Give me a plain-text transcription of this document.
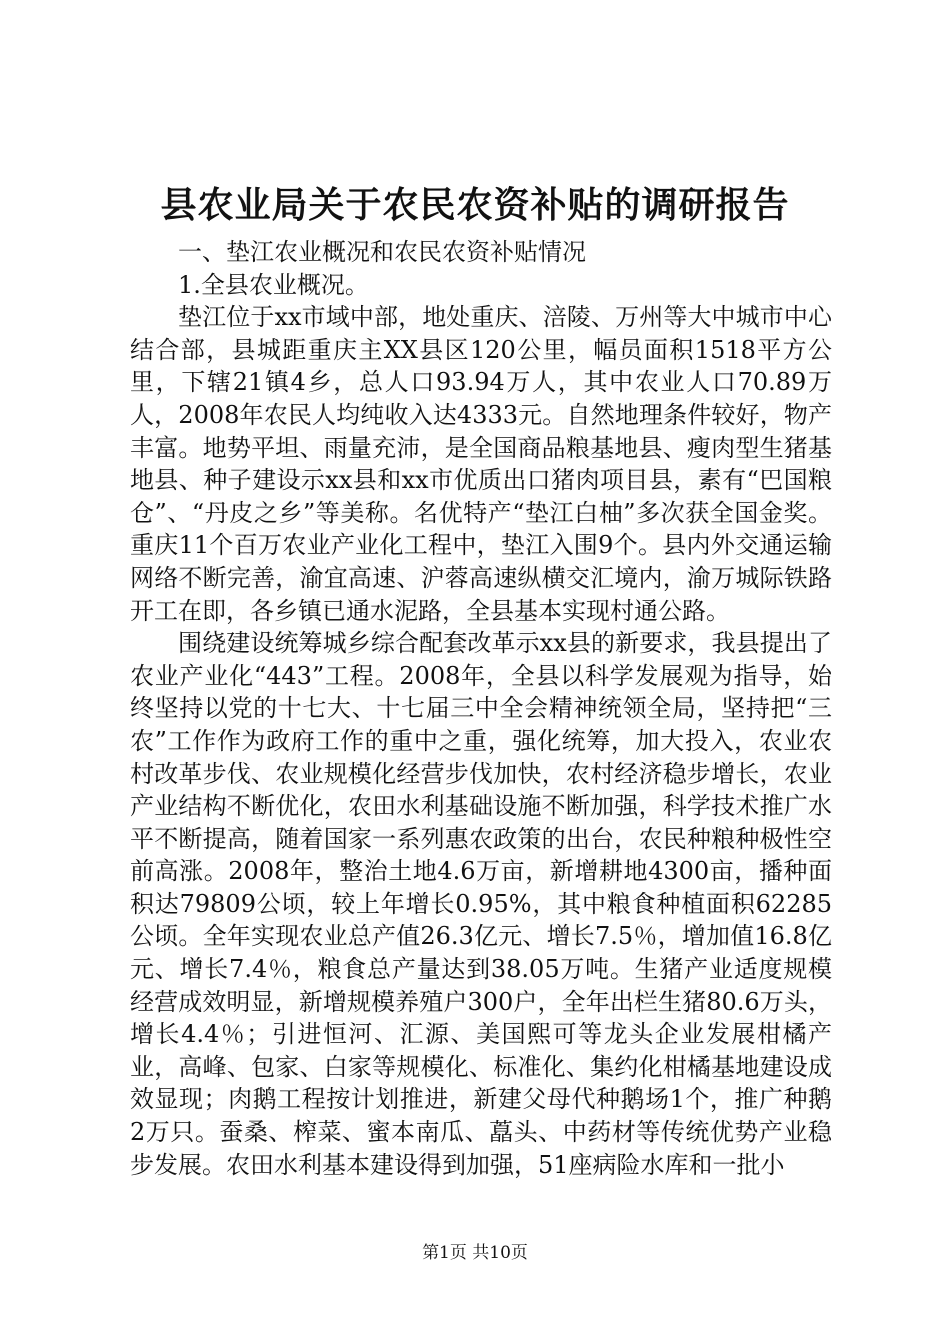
县农业局关于农民农资补贴的调研报告

一、垫江农业概况和农民农资补贴情况

1.全县农业概况。

垫江位于xx市域中部，地处重庆、涪陵、万州等大中城市中心结合部，县城距重庆主XX县区120公里，幅员面积1518平方公里，下辖21镇4乡，总人口93.94万人，其中农业人口70.89万人，2008年农民人均纯收入达4333元。自然地理条件较好，物产丰富。地势平坦、雨量充沛，是全国商品粮基地县、瘦肉型生猪基地县、种子建设示xx县和xx市优质出口猪肉项目县，素有“巴国粮仓”、“丹皮之乡”等美称。名优特产“垫江白柚”多次获全国金奖。重庆11个百万农业产业化工程中，垫江入围9个。县内外交通运输网络不断完善，渝宜高速、沪蓉高速纵横交汇境内，渝万城际铁路开工在即，各乡镇已通水泥路，全县基本实现村通公路。

围绕建设统筹城乡综合配套改革示xx县的新要求，我县提出了农业产业化“443”工程。2008年，全县以科学发展观为指导，始终坚持以党的十七大、十七届三中全会精神统领全局，坚持把“三农”工作作为政府工作的重中之重，强化统筹，加大投入，农业农村改革步伐、农业规模化经营步伐加快，农村经济稳步增长，农业产业结构不断优化，农田水利基础设施不断加强，科学技术推广水平不断提高，随着国家一系列惠农政策的出台，农民种粮种极性空前高涨。2008年，整治土地4.6万亩，新增耕地4300亩，播种面积达79809公顷，较上年增长0.95%，其中粮食种植面积62285公顷。全年实现农业总产值26.3亿元、增长7.5％，增加值16.8亿元、增长7.4％，粮食总产量达到38.05万吨。生猪产业适度规模经营成效明显，新增规模养殖户300户，全年出栏生猪80.6万头，增长4.4％；引进恒河、汇源、美国熙可等龙头企业发展柑橘产业，高峰、包家、白家等规模化、标准化、集约化柑橘基地建设成效显现；肉鹅工程按计划推进，新建父母代种鹅场1个，推广种鹅2万只。蚕桑、榨菜、蜜本南瓜、藠头、中药材等传统优势产业稳步发展。农田水利基本建设得到加强，51座病险水库和一批小

第1页 共10页
